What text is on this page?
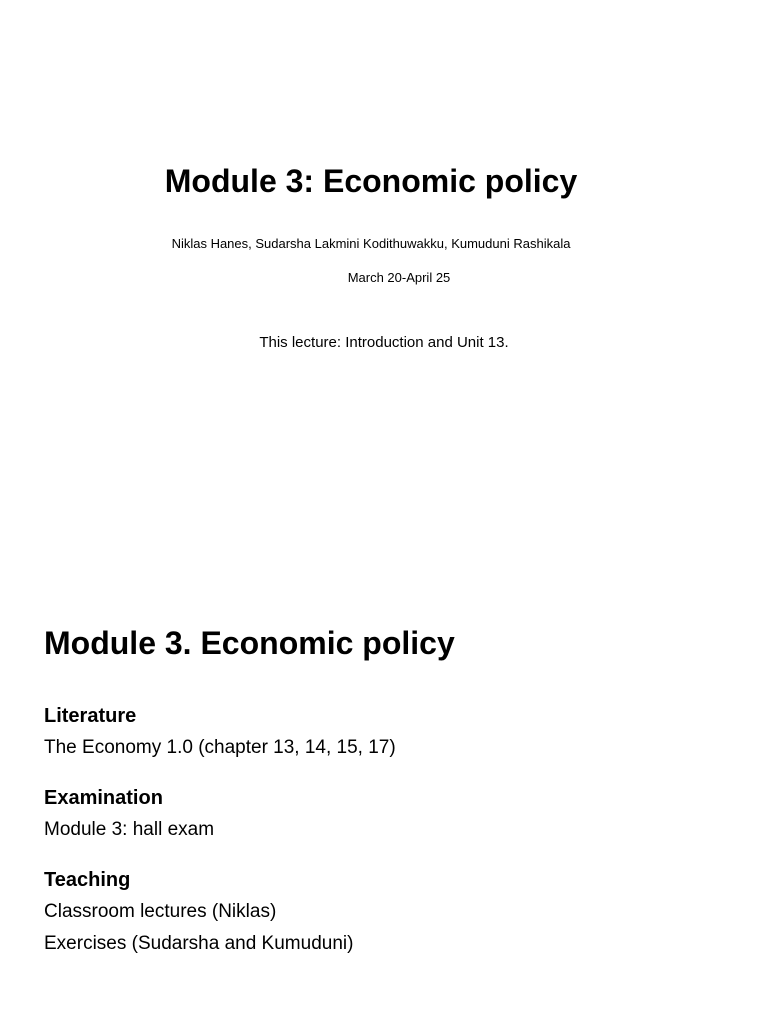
Module 3: Economic policy
Niklas Hanes, Sudarsha Lakmini Kodithuwakku, Kumuduni Rashikala
March 20-April 25
This lecture: Introduction and Unit 13.
Module 3. Economic policy
Literature
The Economy 1.0 (chapter 13, 14, 15, 17)
Examination
Module 3: hall exam
Teaching
Classroom lectures (Niklas)
Exercises (Sudarsha and Kumuduni)
